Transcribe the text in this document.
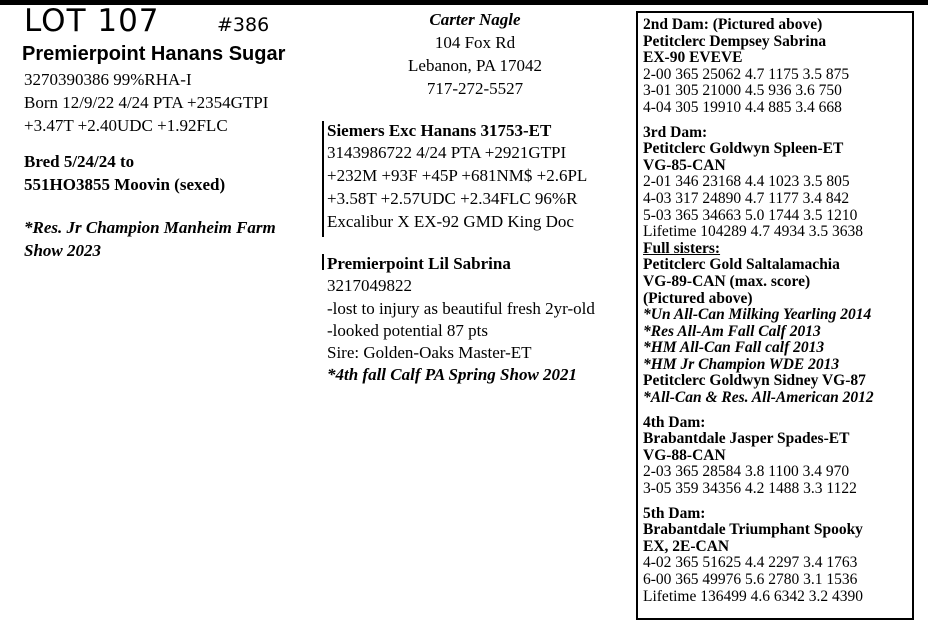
LOT 107	#386
Premierpoint Hanans Sugar
3270390386 99%RHA-I
Born 12/9/22 4/24 PTA +2354GTPI
+3.47T +2.40UDC +1.92FLC
Bred 5/24/24 to
551HO3855 Moovin (sexed)
*Res. Jr Champion Manheim Farm
Show 2023
Carter Nagle
104 Fox Rd
Lebanon, PA 17042
717-272-5527
Siemers Exc Hanans 31753-ET
3143986722 4/24 PTA +2921GTPI
+232M +93F +45P +681NM$ +2.6PL
+3.58T +2.57UDC +2.34FLC 96%R
Excalibur X EX-92 GMD King Doc
Premierpoint Lil Sabrina
3217049822
-lost to injury as beautiful fresh 2yr-old
-looked potential 87 pts
Sire: Golden-Oaks Master-ET
*4th fall Calf PA Spring Show 2021
2nd Dam: (Pictured above)
Petitclerc Dempsey Sabrina
EX-90 EVEVE
2-00 365 25062 4.7 1175 3.5 875
3-01 305 21000 4.5 936 3.6 750
4-04 305 19910 4.4 885 3.4 668
3rd Dam:
Petitclerc Goldwyn Spleen-ET
VG-85-CAN
2-01 346 23168 4.4 1023 3.5 805
4-03 317 24890 4.7 1177 3.4 842
5-03 365 34663 5.0 1744 3.5 1210
Lifetime 104289 4.7 4934 3.5 3638
Full sisters:
Petitclerc Gold Saltalamachia
VG-89-CAN (max. score)
(Pictured above)
*Un All-Can Milking Yearling 2014
*Res All-Am Fall Calf 2013
*HM All-Can Fall calf 2013
*HM Jr Champion WDE 2013
Petitclerc Goldwyn Sidney VG-87
*All-Can & Res. All-American 2012
4th Dam:
Brabantdale Jasper Spades-ET
VG-88-CAN
2-03 365 28584 3.8 1100 3.4 970
3-05 359 34356 4.2 1488 3.3 1122
5th Dam:
Brabantdale Triumphant Spooky
EX, 2E-CAN
4-02 365 51625 4.4 2297 3.4 1763
6-00 365 49976 5.6 2780 3.1 1536
Lifetime 136499 4.6 6342 3.2 4390
